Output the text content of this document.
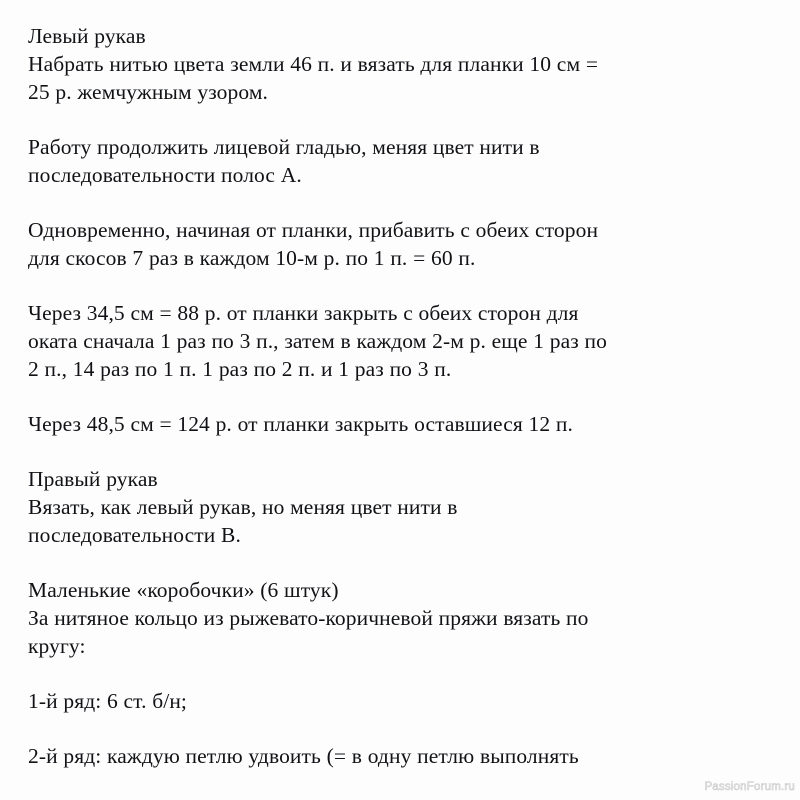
Левый рукав
Набрать нитью цвета земли 46 п. и вязать для планки 10 см =
25 р. жемчужным узором.

Работу продолжить лицевой гладью, меняя цвет нити в
последовательности полос А.

Одновременно, начиная от планки, прибавить с обеих сторон
для скосов 7 раз в каждом 10-м р. по 1 п. = 60 п.

Через 34,5 см = 88 р. от планки закрыть с обеих сторон для
оката сначала 1 раз по 3 п., затем в каждом 2-м р. еще 1 раз по
2 п., 14 раз по 1 п. 1 раз по 2 п. и 1 раз по 3 п.

Через 48,5 см = 124 р. от планки закрыть оставшиеся 12 п.

Правый рукав
Вязать, как левый рукав, но меняя цвет нити в
последовательности В.

Маленькие «коробочки» (6 штук)
За нитяное кольцо из рыжевато-коричневой пряжи вязать по
кругу:

1-й ряд: 6 ст. б/н;

2-й ряд: каждую петлю удвоить (= в одну петлю выполнять

PassionForum.ru
